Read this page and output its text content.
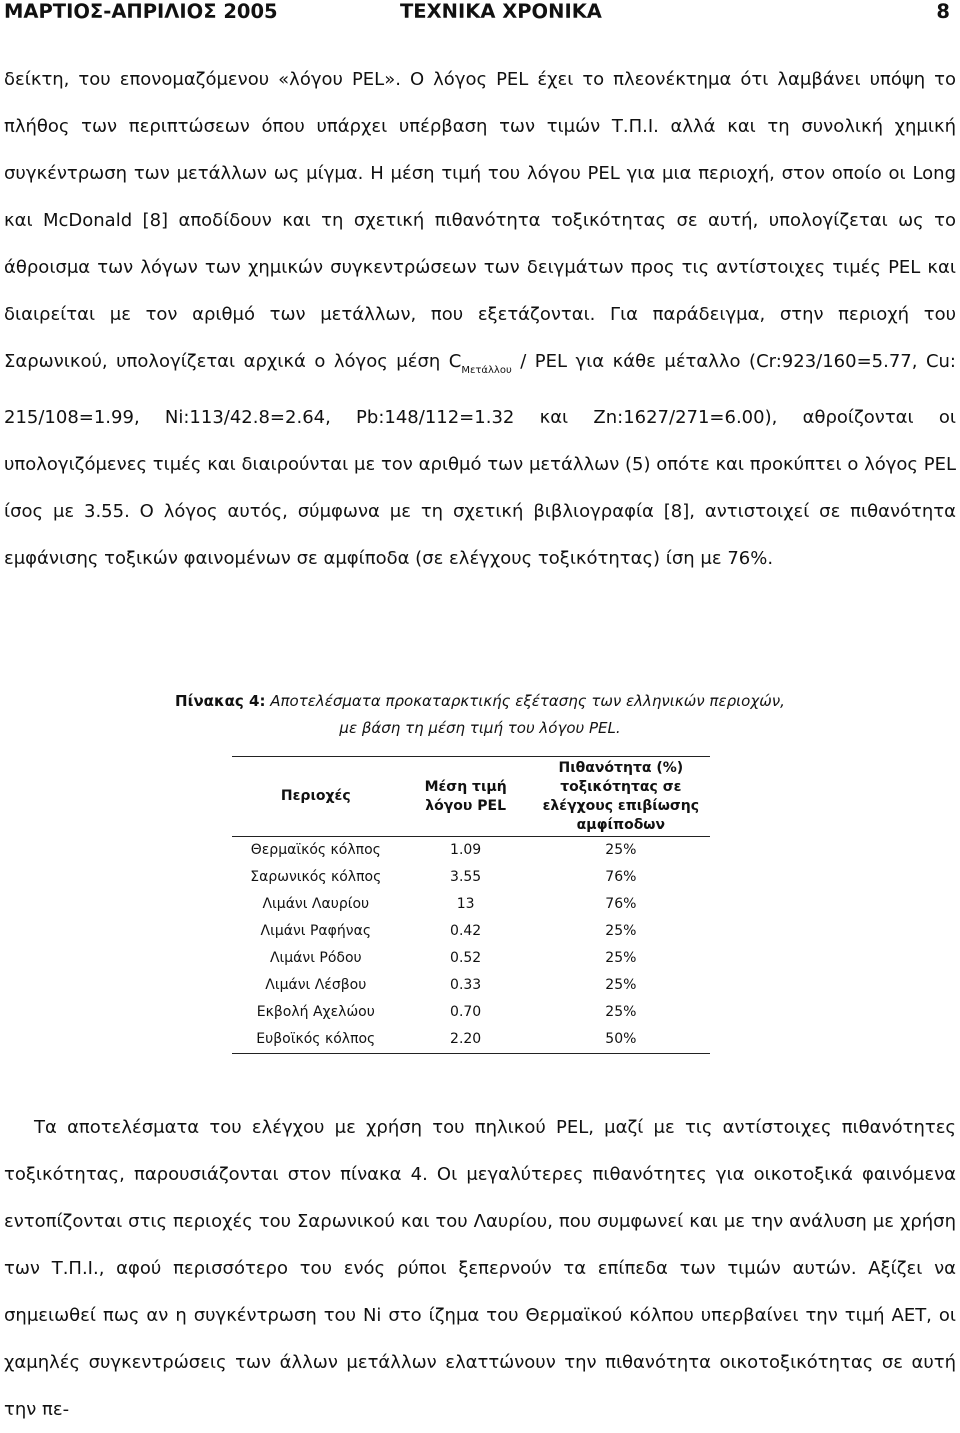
ΜΑΡΤΙΟΣ-ΑΠΡΙΛΙΟΣ 2005	ΤΕΧΝΙΚΑ ΧΡΟΝΙΚΑ	8

δείκτη, του επονομαζόμενου «λόγου PEL». Ο λόγος PEL έχει το πλεονέκτημα ότι λαμβάνει υπόψη το πλήθος των περιπτώσεων όπου υπάρχει υπέρβαση των τιμών Τ.Π.Ι. αλλά και τη συνολική χημική συγκέντρωση των μετάλλων ως μίγμα. Η μέση τιμή του λόγου PEL για μια περιοχή, στον οποίο οι Long και McDonald [8] αποδίδουν και τη σχετική πιθανότητα τοξικότητας σε αυτή, υπολογίζεται ως το άθροισμα των λόγων των χημικών συγκεντρώσεων των δειγμάτων προς τις αντίστοιχες τιμές PEL και διαιρείται με τον αριθμό των μετάλλων, που εξετάζονται. Για παράδειγμα, στην περιοχή του Σαρωνικού, υπολογίζεται αρχικά ο λόγος μέση $C_{M\varepsilon\tau ά\lambda\lambda o\upsilon}$ / PEL για κάθε μέταλλο (Cr:923/160=5.77, Cu: 215/108=1.99, Ni:113/42.8=2.64, Pb:148/112=1.32 και Zn:1627/271=6.00), αθροίζονται οι υπολογιζόμενες τιμές και διαιρούνται με τον αριθμό των μετάλλων (5) οπότε και προκύπτει ο λόγος PEL ίσος με 3.55. Ο λόγος αυτός, σύμφωνα με τη σχετική βιβλιογραφία [8], αντιστοιχεί σε πιθανότητα εμφάνισης τοξικών φαινομένων σε αμφίποδα (σε ελέγχους τοξικότητας) ίση με 76%.

Πίνακας 4: Αποτελέσματα προκαταρκτικής εξέτασης των ελληνικών περιοχών,
με βάση τη μέση τιμή του λόγου PEL.
Περιοχές	Μέση τιμή λόγου PEL	Πιθανότητα (%) τοξικότητας σε ελέγχους επιβίωσης αμφίποδων
Θερμαϊκός κόλπος	1.09	25%
Σαρωνικός κόλπος	3.55	76%
Λιμάνι Λαυρίου	13	76%
Λιμάνι Ραφήνας	0.42	25%
Λιμάνι Ρόδου	0.52	25%
Λιμάνι Λέσβου	0.33	25%
Εκβολή Αχελώου	0.70	25%
Ευβοϊκός κόλπος	2.20	50%

Τα αποτελέσματα του ελέγχου με χρήση του πηλικού PEL, μαζί με τις αντίστοιχες πιθανότητες τοξικότητας, παρουσιάζονται στον πίνακα 4. Οι μεγαλύτερες πιθανότητες για οικοτοξικά φαινόμενα εντοπίζονται στις περιοχές του Σαρωνικού και του Λαυρίου, που συμφωνεί και με την ανάλυση με χρήση των Τ.Π.Ι., αφού περισσότερο του ενός ρύποι ξεπερνούν τα επίπεδα των τιμών αυτών. Αξίζει να σημειωθεί πως αν η συγκέντρωση του Ni στο ίζημα του Θερμαϊκού κόλπου υπερβαίνει την τιμή ΑΕΤ, οι χαμηλές συγκεντρώσεις των άλλων μετάλλων ελαττώνουν την πιθανότητα οικοτοξικότητας σε αυτή την πε-
